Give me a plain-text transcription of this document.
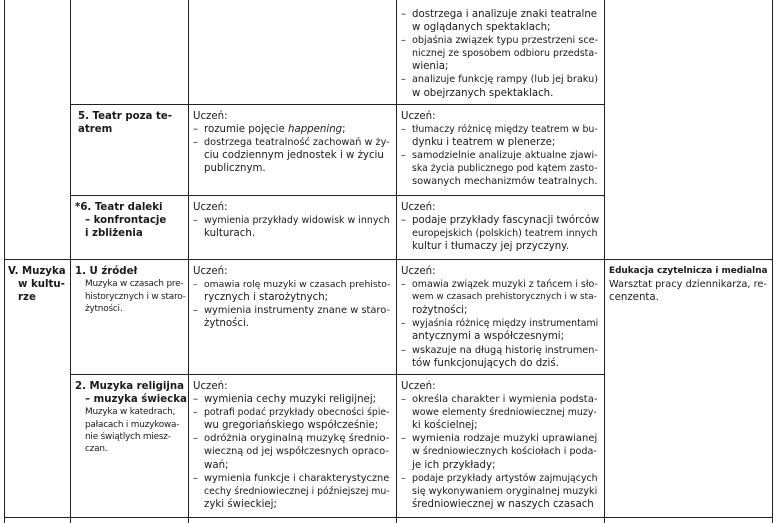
– dostrzega i analizuje znaki teatralne
w oglądanych spektaklach;
– objaśnia związek typu przestrzeni sce-
nicznej ze sposobem odbioru przedsta-
wienia;
– analizuje funkcję rampy (lub jej braku)
w obejrzanych spektaklach.
5. Teatr poza te-
atrem
Uczeń:
– rozumie pojęcie happening;
– dostrzega teatralność zachowań w ży-
ciu codziennym jednostek i w życiu
publicznym.
Uczeń:
– tłumaczy różnicę między teatrem w bu-
dynku i teatrem w plenerze;
– samodzielnie analizuje aktualne zjawi-
ska życia publicznego pod kątem zasto-
sowanych mechanizmów teatralnych.
*6. Teatr daleki
– konfrontacje
i zbliżenia
Uczeń:
– wymienia przykłady widowisk w innych
kulturach.
Uczeń:
– podaje przykłady fascynacji twórców
europejskich (polskich) teatrem innych
kultur i tłumaczy jej przyczyny.
V. Muzyka
w kultu-
rze
Edukacja czytelnicza i medialna
Warsztat pracy dziennikarza, re-
cenzenta.
1. U źródeł
Muzyka w czasach pre-
historycznych i w staro-
żytności.
Uczeń:
– omawia rolę muzyki w czasach prehisto-
rycznych i starożytnych;
– wymienia instrumenty znane w staro-
żytności.
Uczeń:
– omawia związek muzyki z tańcem i sło-
wem w czasach prehistorycznych i w sta-
rożytności;
– wyjaśnia różnicę między instrumentami
antycznymi a współczesnymi;
– wskazuje na długą historię instrumen-
tów funkcjonujących do dziś.
2. Muzyka religijna
– muzyka świecka
Muzyka w katedrach,
pałacach i muzykowa-
nie świątlych miesz-
czan.
Uczeń:
– wymienia cechy muzyki religijnej;
– potrafi podać przykłady obecności śpie-
wu gregoriańskiego współcześnie;
– odróżnia oryginalną muzykę średnio-
wieczną od jej współczesnych opraco-
wań;
– wymienia funkcje i charakterystyczne
cechy średniowiecznej i późniejszej mu-
zyki świeckiej;
Uczeń:
– określa charakter i wymienia podsta-
wowe elementy średniowiecznej muzy-
ki kościelnej;
– wymienia rodzaje muzyki uprawianej
w średniowiecznych kościołach i poda-
je ich przykłady;
– podaje przykłady artystów zajmujących
się wykonywaniem oryginalnej muzyki
średniowiecznej w naszych czasach
